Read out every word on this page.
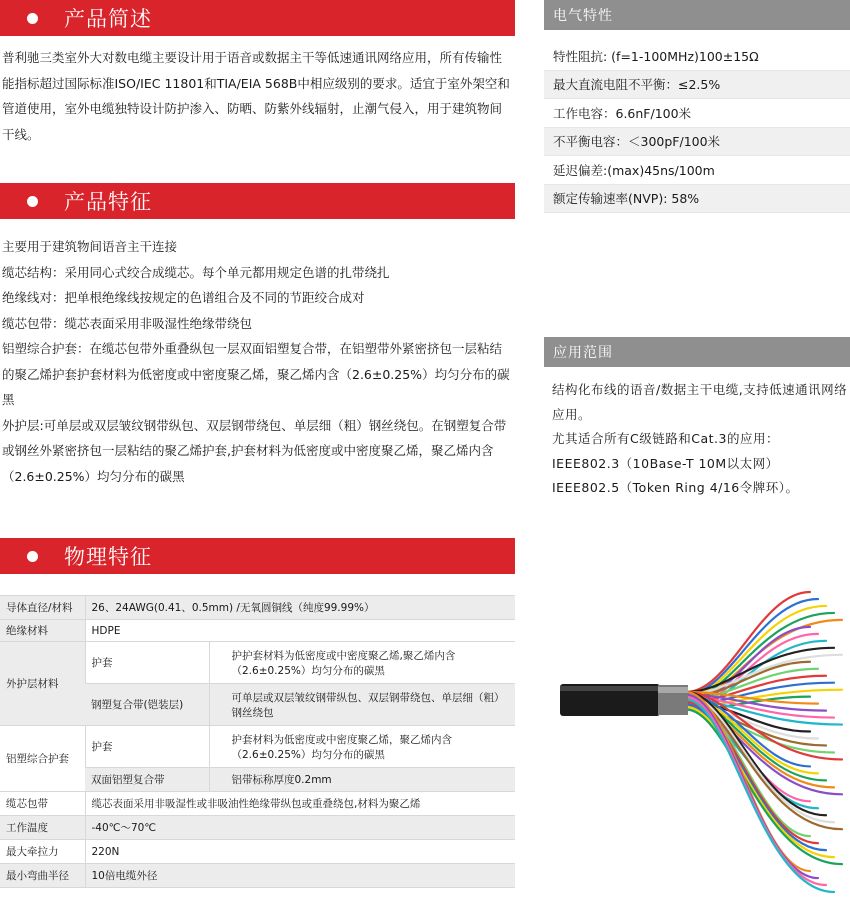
产品简述
普利驰三类室外大对数电缆主要设计用于语音或数据主干等低速通讯网络应用，所有传输性能指标超过国际标准ISO/IEC 11801和TIA/EIA 568B中相应级别的要求。适宜于室外架空和管道使用，室外电缆独特设计防护渗入、防晒、防紫外线辐射，止潮气侵入，用于建筑物间干线。
产品特征
主要用于建筑物间语音主干连接
缆芯结构：采用同心式绞合成缆芯。每个单元都用规定色谱的扎带绕扎
绝缘线对：把单根绝缘线按规定的色谱组合及不同的节距绞合成对
缆芯包带：缆芯表面采用非吸湿性绝缘带绕包
铝塑综合护套：在缆芯包带外重叠纵包一层双面铝塑复合带，在铝塑带外紧密挤包一层粘结的聚乙烯护套护套材料为低密度或中密度聚乙烯，聚乙烯内含（2.6±0.25%）均匀分布的碳黑
外护层:可单层或双层皱纹钢带纵包、双层钢带绕包、单层细（粗）钢丝绕包。在钢塑复合带或钢丝外紧密挤包一层粘结的聚乙烯护套,护套材料为低密度或中密度聚乙烯，聚乙烯内含（2.6±0.25%）均匀分布的碳黑
物理特征
导体直径/材料	26、24AWG(0.41、0.5mm) /无氧圆铜线（纯度99.99%）	
绝缘材料	HDPE	
外护层材料	护套	护护套材料为低密度或中密度聚乙烯,聚乙烯内含（2.6±0.25%）均匀分布的碳黑
	钢塑复合带(铠装层)	可单层或双层皱纹钢带纵包、双层钢带绕包、单层细（粗）钢丝绕包
铝塑综合护套	护套	护套材料为低密度或中密度聚乙烯，聚乙烯内含（2.6±0.25%）均匀分布的碳黑
	双面铝塑复合带	铝带标称厚度0.2mm
缆芯包带	缆芯表面采用非吸湿性或非吸油性绝缘带纵包或重叠绕包,材料为聚乙烯	
工作温度	-40℃～70℃	
最大牵拉力	220N	
最小弯曲半径	10倍电缆外径	
电气特性
特性阻抗: (f=1-100MHz)100±15Ω
最大直流电阻不平衡：≤2.5%
工作电容：6.6nF/100米
不平衡电容：＜300pF/100米
延迟偏差:(max)45ns/100m
额定传输速率(NVP): 58%
应用范围
结构化布线的语音/数据主干电缆,支持低速通讯网络应用。
尤其适合所有C级链路和Cat.3的应用：
IEEE802.3（10Base-T 10M以太网）
IEEE802.5（Token Ring 4/16令牌环）。
